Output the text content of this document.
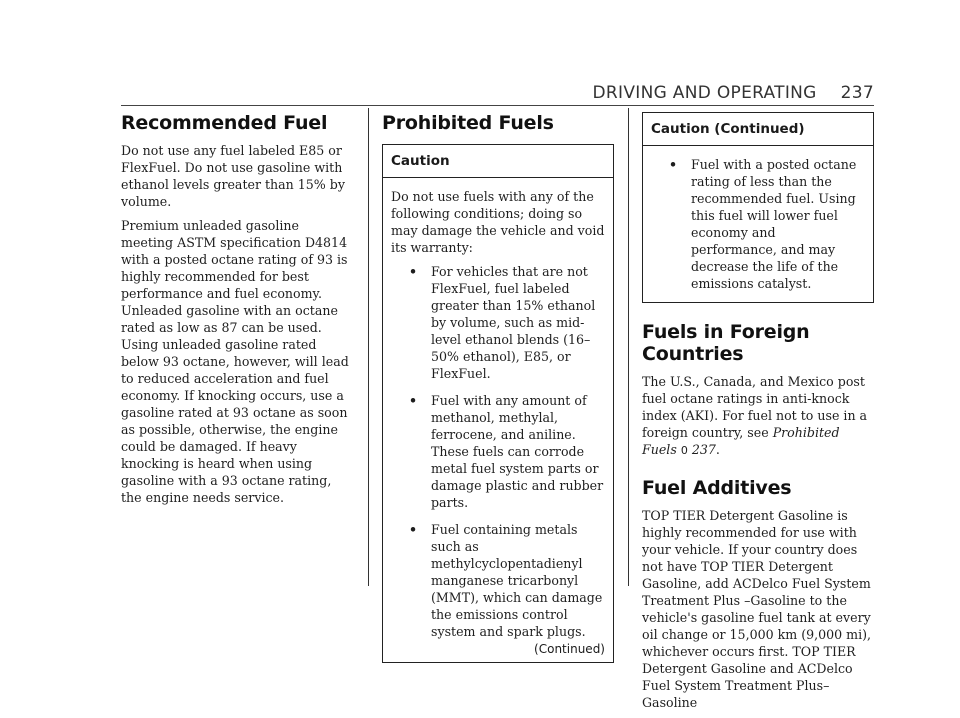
DRIVING AND OPERATING 237
Recommended Fuel

Do not use any fuel labeled E85 or FlexFuel. Do not use gasoline with ethanol levels greater than 15% by volume.

Premium unleaded gasoline meeting ASTM specification D4814 with a posted octane rating of 93 is highly recommended for best performance and fuel economy. Unleaded gasoline with an octane rated as low as 87 can be used. Using unleaded gasoline rated below 93 octane, however, will lead to reduced acceleration and fuel economy. If knocking occurs, use a gasoline rated at 93 octane as soon as possible, otherwise, the engine could be damaged. If heavy knocking is heard when using gasoline with a 93 octane rating, the engine needs service.

Prohibited Fuels
Caution

Do not use fuels with any of the following conditions; doing so may damage the vehicle and void its warranty:

• For vehicles that are not FlexFuel, fuel labeled greater than 15% ethanol by volume, such as mid-level ethanol blends (16–50% ethanol), E85, or FlexFuel.
• Fuel with any amount of methanol, methylal, ferrocene, and aniline. These fuels can corrode metal fuel system parts or damage plastic and rubber parts.
• Fuel containing metals such as methylcyclopentadienyl manganese tricarbonyl (MMT), which can damage the emissions control system and spark plugs.
(Continued)
Caution (Continued)
• Fuel with a posted octane rating of less than the recommended fuel. Using this fuel will lower fuel economy and performance, and may decrease the life of the emissions catalyst.
Fuels in Foreign Countries

The U.S., Canada, and Mexico post fuel octane ratings in anti-knock index (AKI). For fuel not to use in a foreign country, see Prohibited Fuels 0 237.

Fuel Additives

TOP TIER Detergent Gasoline is highly recommended for use with your vehicle. If your country does not have TOP TIER Detergent Gasoline, add ACDelco Fuel System Treatment Plus –Gasoline to the vehicle's gasoline fuel tank at every oil change or 15,000 km (9,000 mi), whichever occurs first. TOP TIER Detergent Gasoline and ACDelco Fuel System Treatment Plus–Gasoline
